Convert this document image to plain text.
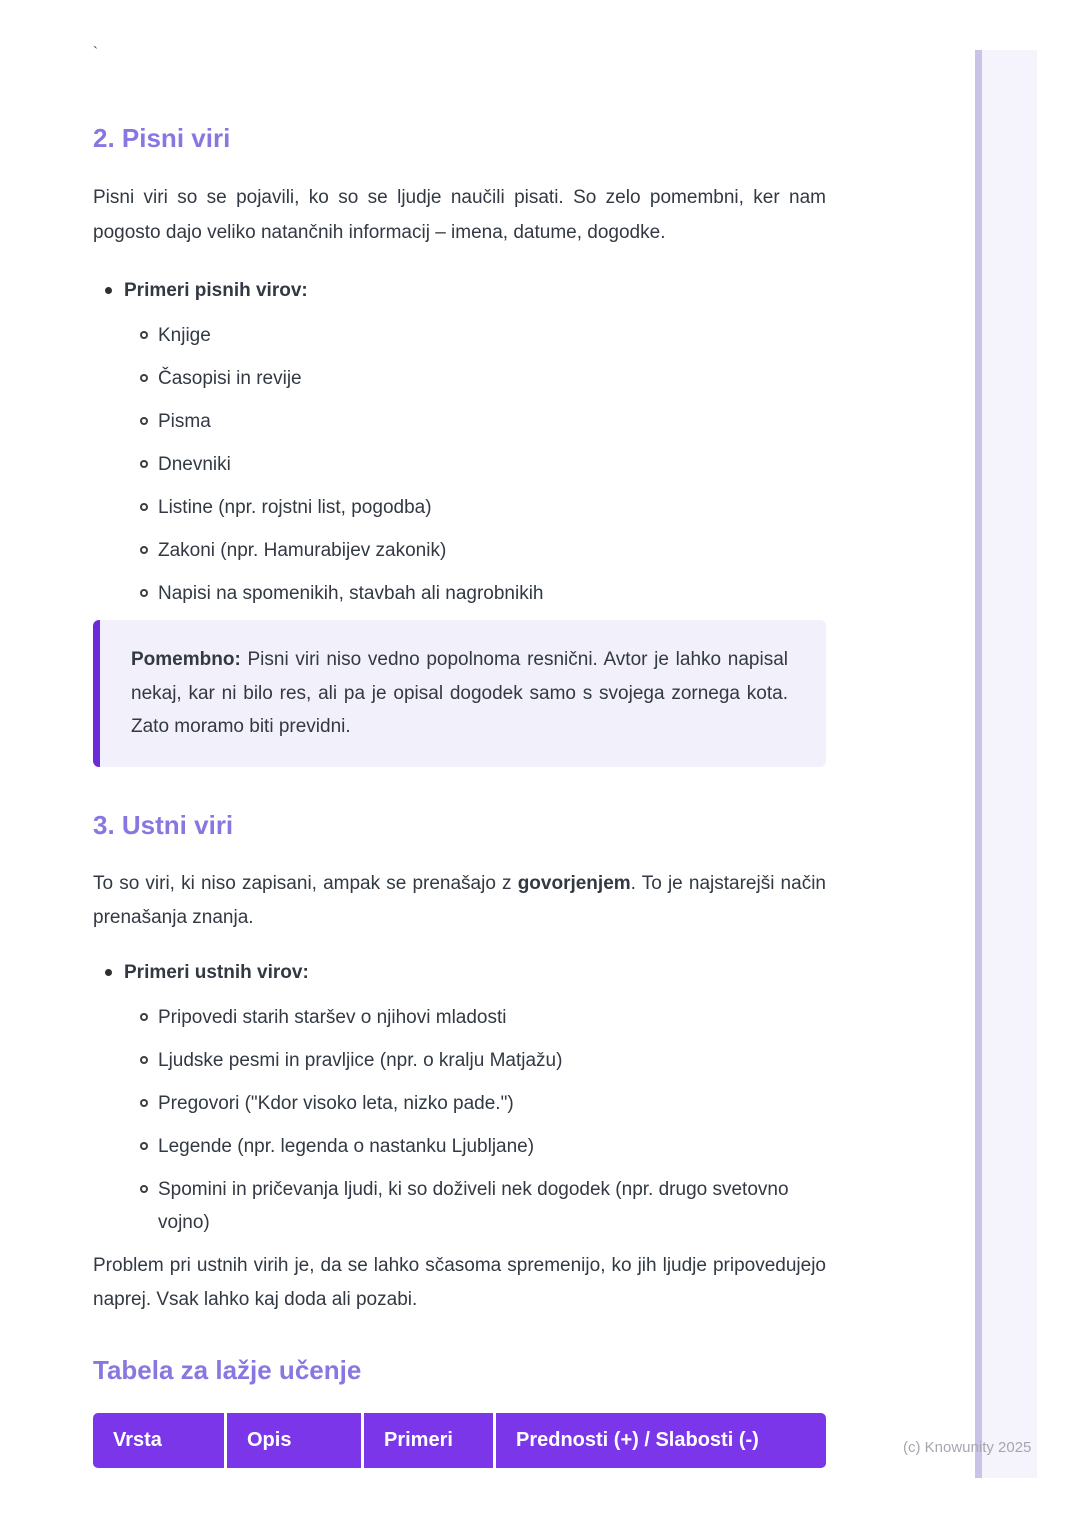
`
2. Pisni viri

Pisni viri so se pojavili, ko so se ljudje naučili pisati. So zelo pomembni, ker nam pogosto dajo veliko natančnih informacij – imena, datume, dogodke.

Primeri pisnih virov:
Knjige
Časopisi in revije
Pisma
Dnevniki
Listine (npr. rojstni list, pogodba)
Zakoni (npr. Hamurabijev zakonik)
Napisi na spomenikih, stavbah ali nagrobnikih

Pomembno: Pisni viri niso vedno popolnoma resnični. Avtor je lahko napisal nekaj, kar ni bilo res, ali pa je opisal dogodek samo s svojega zornega kota. Zato moramo biti previdni.

3. Ustni viri

To so viri, ki niso zapisani, ampak se prenašajo z govorjenjem. To je najstarejši način prenašanja znanja.

Primeri ustnih virov:
Pripovedi starih staršev o njihovi mladosti
Ljudske pesmi in pravljice (npr. o kralju Matjažu)
Pregovori ("Kdor visoko leta, nizko pade.")
Legende (npr. legenda o nastanku Ljubljane)
Spomini in pričevanja ljudi, ki so doživeli nek dogodek (npr. drugo svetovno vojno)

Problem pri ustnih virih je, da se lahko sčasoma spremenijo, ko jih ljudje pripovedujejo naprej. Vsak lahko kaj doda ali pozabi.

Tabela za lažje učenje
Vrsta	Opis	Primeri	Prednosti (+) / Slabosti (-)	(c) Knowunity 2025
